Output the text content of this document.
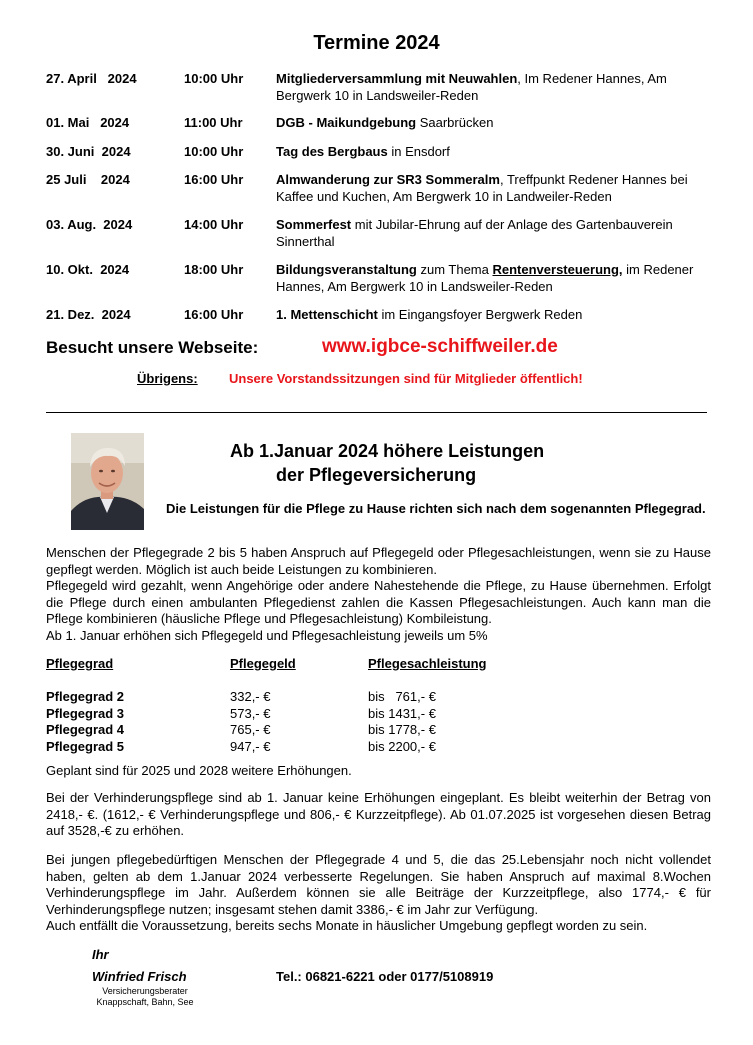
Termine 2024
27. April   2024	10:00 Uhr	Mitgliederversammlung mit Neuwahlen, Im Redener Hannes, Am Bergwerk 10 in Landsweiler-Reden
01. Mai   2024	11:00 Uhr	DGB - Maikundgebung Saarbrücken
30. Juni  2024	10:00 Uhr	Tag des Bergbaus in Ensdorf
25 Juli    2024	16:00 Uhr	Almwanderung zur SR3 Sommeralm, Treffpunkt Redener Hannes bei Kaffee und Kuchen, Am Bergwerk 10 in Landweiler-Reden
03. Aug.  2024	14:00 Uhr	Sommerfest mit Jubilar-Ehrung auf der Anlage des Gartenbauverein Sinnerthal
10. Okt.  2024	18:00 Uhr	Bildungsveranstaltung zum Thema Rentenversteuerung, im Redener Hannes, Am Bergwerk 10 in Landsweiler-Reden
21. Dez.  2024	16:00 Uhr	1. Mettenschicht im Eingangsfoyer Bergwerk Reden
Besucht unsere Webseite:	www.igbce-schiffweiler.de
Übrigens: Unsere Vorstandssitzungen sind für Mitglieder öffentlich!
Ab 1.Januar 2024 höhere Leistungen
der Pflegeversicherung
Die Leistungen für die Pflege zu Hause richten sich nach dem sogenannten Pflegegrad.
Menschen der Pflegegrade 2 bis 5 haben Anspruch auf Pflegegeld oder Pflegesachleistungen, wenn sie zu Hause gepflegt werden. Möglich ist auch beide Leistungen zu kombinieren.
Pflegegeld wird gezahlt, wenn Angehörige oder andere Nahestehende die Pflege, zu Hause übernehmen. Erfolgt die Pflege durch einen ambulanten Pflegedienst zahlen die Kassen Pflegesachleistungen. Auch kann man die Pflege kombinieren (häusliche Pflege und Pflegesachleistung) Kombileistung.
Ab 1. Januar erhöhen sich Pflegegeld und Pflegesachleistung jeweils um 5%
Pflegegrad	Pflegegeld	Pflegesachleistung
Pflegegrad 2	332,- €	bis   761,- €
Pflegegrad 3	573,- €	bis 1431,- €
Pflegegrad 4	765,- €	bis 1778,- €
Pflegegrad 5	947,- €	bis 2200,- €
Geplant sind für 2025 und 2028 weitere Erhöhungen.
Bei der Verhinderungspflege sind ab 1. Januar keine Erhöhungen eingeplant. Es bleibt weiterhin der Betrag von 2418,- €. (1612,- € Verhinderungspflege und 806,- € Kurzzeitpflege). Ab 01.07.2025 ist vorgesehen diesen Betrag auf 3528,-€ zu erhöhen.
Bei jungen pflegebedürftigen Menschen der Pflegegrade 4 und 5, die das 25.Lebensjahr noch nicht vollendet haben, gelten ab dem 1.Januar 2024 verbesserte Regelungen. Sie haben Anspruch auf maximal 8.Wochen Verhinderungspflege im Jahr. Außerdem können sie alle Beiträge der Kurzzeitpflege, also 1774,- € für Verhinderungspflege nutzen; insgesamt stehen damit 3386,- € im Jahr zur Verfügung.
Auch entfällt die Voraussetzung, bereits sechs Monate in häuslicher Umgebung gepflegt worden zu sein.
Ihr
Winfried Frisch
Versicherungsberater
Knappschaft, Bahn, See
Tel.: 06821-6221 oder 0177/5108919
